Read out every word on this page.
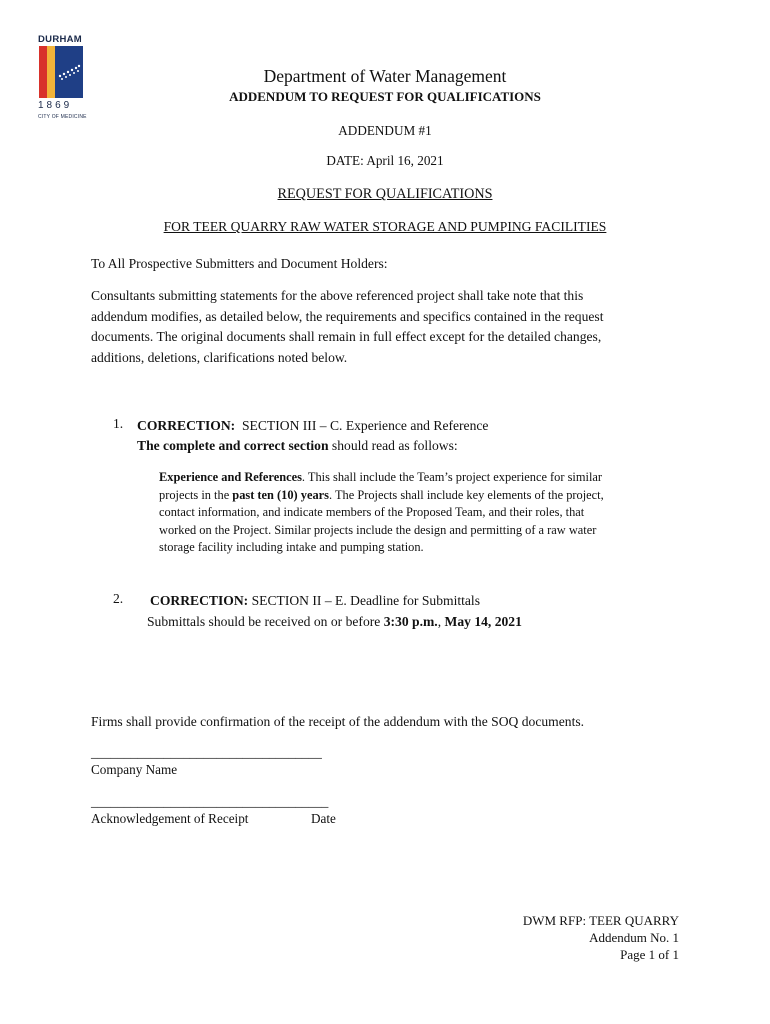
DURHAM
1869
CITY OF MEDICINE
Department of Water Management
ADDENDUM TO REQUEST FOR QUALIFICATIONS
ADDENDUM #1
DATE: April 16, 2021
REQUEST FOR QUALIFICATIONS
FOR TEER QUARRY RAW WATER STORAGE AND PUMPING FACILITIES
To All Prospective Submitters and Document Holders:
Consultants submitting statements for the above referenced project shall take note that this
addendum modifies, as detailed below, the requirements and specifics contained in the request
documents. The original documents shall remain in full effect except for the detailed changes,
additions, deletions, clarifications noted below.
1. CORRECTION:  SECTION III – C. Experience and Reference
The complete and correct section should read as follows:
Experience and References. This shall include the Team’s project experience for similar
projects in the past ten (10) years. The Projects shall include key elements of the project,
contact information, and indicate members of the Proposed Team, and their roles, that
worked on the Project. Similar projects include the design and permitting of a raw water
storage facility including intake and pumping station.
2. CORRECTION: SECTION II – E. Deadline for Submittals
Submittals should be received on or before 3:30 p.m., May 14, 2021
Firms shall provide confirmation of the receipt of the addendum with the SOQ documents.
___________________________________
Company Name
____________________________________
Acknowledgement of Receipt	Date
DWM RFP: TEER QUARRY
Addendum No. 1
Page 1 of 1
